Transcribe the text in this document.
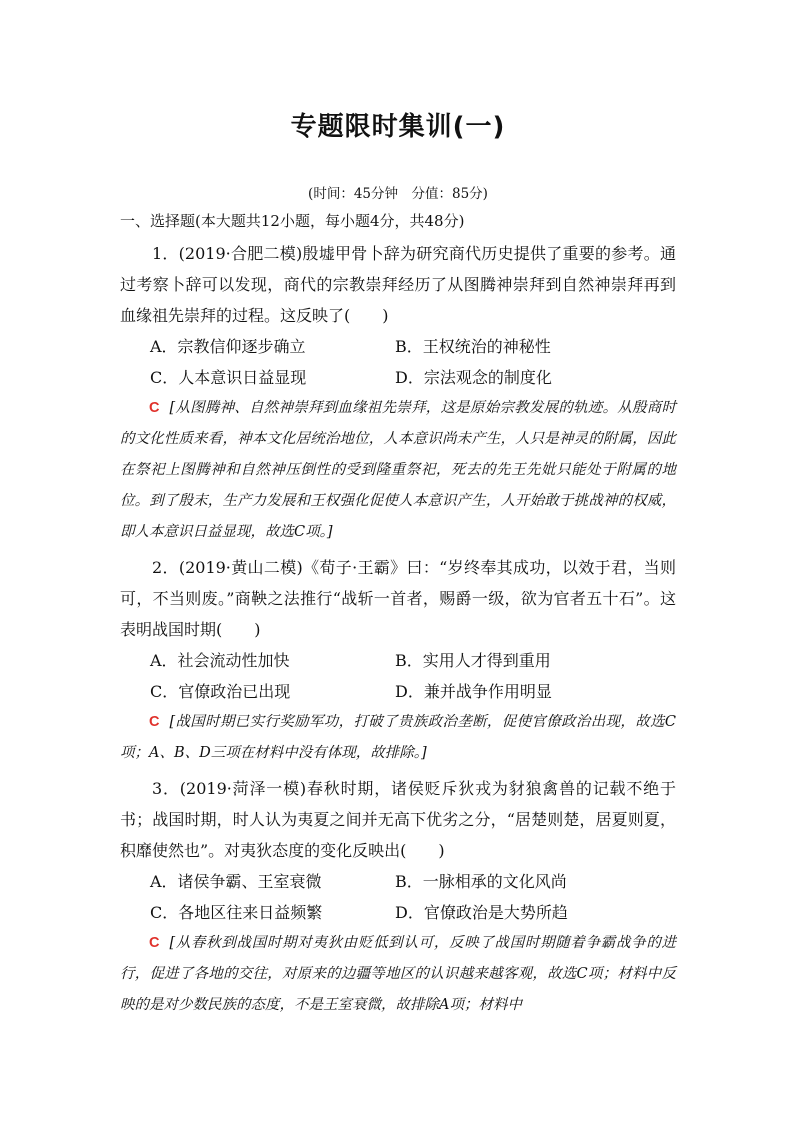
专题限时集训(一)
(时间：45分钟　分值：85分)
一、选择题(本大题共12小题，每小题4分，共48分)

1．(2019·合肥二模)殷墟甲骨卜辞为研究商代历史提供了重要的参考。通过考察卜辞可以发现，商代的宗教崇拜经历了从图腾神崇拜到自然神崇拜再到血缘祖先崇拜的过程。这反映了(　　)

A．宗教信仰逐步确立	B．王权统治的神秘性
C．人本意识日益显现	D．宗法观念的制度化

C [从图腾神、自然神崇拜到血缘祖先崇拜，这是原始宗教发展的轨迹。从殷商时的文化性质来看，神本文化居统治地位，人本意识尚未产生，人只是神灵的附属，因此在祭祀上图腾神和自然神压倒性的受到隆重祭祀，死去的先王先妣只能处于附属的地位。到了殷末，生产力发展和王权强化促使人本意识产生，人开始敢于挑战神的权威，即人本意识日益显现，故选C项。]

2．(2019·黄山二模)《荀子·王霸》曰：“岁终奉其成功，以效于君，当则可，不当则废。”商鞅之法推行“战斩一首者，赐爵一级，欲为官者五十石”。这表明战国时期(　　)

A．社会流动性加快	B．实用人才得到重用
C．官僚政治已出现	D．兼并战争作用明显

C [战国时期已实行奖励军功，打破了贵族政治垄断，促使官僚政治出现，故选C项；A、B、D三项在材料中没有体现，故排除。]

3．(2019·菏泽一模)春秋时期，诸侯贬斥狄戎为豺狼禽兽的记载不绝于书；战国时期，时人认为夷夏之间并无高下优劣之分，“居楚则楚，居夏则夏，积靡使然也”。对夷狄态度的变化反映出(　　)

A．诸侯争霸、王室衰微	B．一脉相承的文化风尚
C．各地区往来日益频繁	D．官僚政治是大势所趋

C [从春秋到战国时期对夷狄由贬低到认可，反映了战国时期随着争霸战争的进行，促进了各地的交往，对原来的边疆等地区的认识越来越客观，故选C项；材料中反映的是对少数民族的态度，不是王室衰微，故排除A项；材料中
